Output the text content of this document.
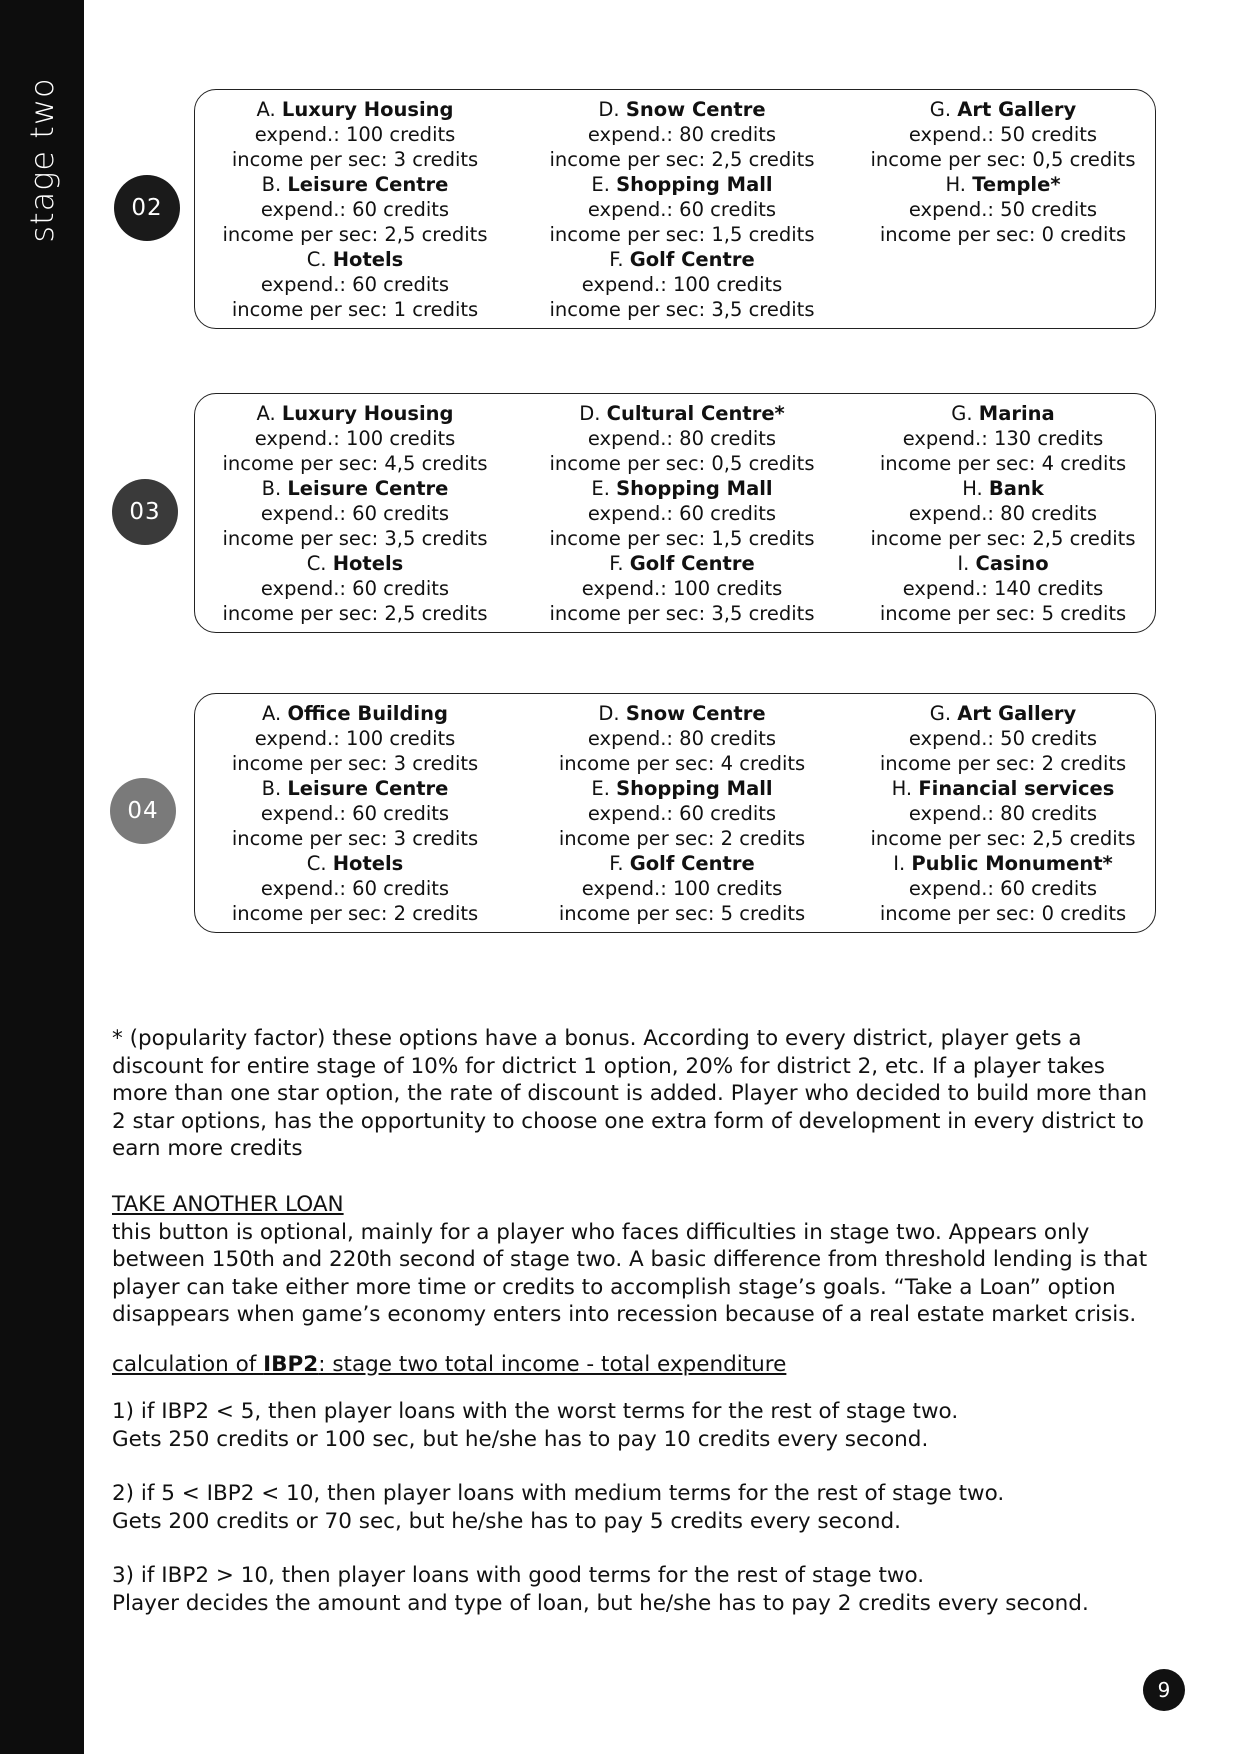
stage two	02
A. Luxury Housing
expend.: 100 credits
income per sec: 3 credits
B. Leisure Centre
expend.: 60 credits
income per sec: 2,5 credits
C. Hotels
expend.: 60 credits
income per sec: 1 credits
D. Snow Centre
expend.: 80 credits
income per sec: 2,5 credits
E. Shopping Mall
expend.: 60 credits
income per sec: 1,5 credits
F. Golf Centre
expend.: 100 credits
income per sec: 3,5 credits
G. Art Gallery
expend.: 50 credits
income per sec: 0,5 credits
H. Temple*
expend.: 50 credits
income per sec: 0 credits
03
A. Luxury Housing
expend.: 100 credits
income per sec: 4,5 credits
B. Leisure Centre
expend.: 60 credits
income per sec: 3,5 credits
C. Hotels
expend.: 60 credits
income per sec: 2,5 credits
D. Cultural Centre*
expend.: 80 credits
income per sec: 0,5 credits
E. Shopping Mall
expend.: 60 credits
income per sec: 1,5 credits
F. Golf Centre
expend.: 100 credits
income per sec: 3,5 credits
G. Marina
expend.: 130 credits
income per sec: 4 credits
H. Bank
expend.: 80 credits
income per sec: 2,5 credits
I. Casino
expend.: 140 credits
income per sec: 5 credits
04
A. Office Building
expend.: 100 credits
income per sec: 3 credits
B. Leisure Centre
expend.: 60 credits
income per sec: 3 credits
C. Hotels
expend.: 60 credits
income per sec: 2 credits
D. Snow Centre
expend.: 80 credits
income per sec: 4 credits
E. Shopping Mall
expend.: 60 credits
income per sec: 2 credits
F. Golf Centre
expend.: 100 credits
income per sec: 5 credits
G. Art Gallery
expend.: 50 credits
income per sec: 2 credits
H. Financial services
expend.: 80 credits
income per sec: 2,5 credits
I. Public Monument*
expend.: 60 credits
income per sec: 0 credits
* (popularity factor) these options have a bonus. According to every district, player gets a discount for entire stage of 10% for dictrict 1 option, 20% for district 2, etc. If a player takes more than one star option, the rate of discount is added. Player who decided to build more than 2 star options, has the opportunity to choose one extra form of development in every district to earn more credits
TAKE ANOTHER LOAN
this button is optional, mainly for a player who faces difficulties in stage two. Appears only between 150th and 220th second of stage two. A basic difference from threshold lending is that player can take either more time or credits to accomplish stage’s goals. “Take a Loan” option disappears when game’s economy enters into recession because of a real estate market crisis.
calculation of IBP2: stage two total income - total expenditure
1) if IBP2 < 5, then player loans with the worst terms for the rest of stage two.
Gets 250 credits or 100 sec, but he/she has to pay 10 credits every second.
2) if 5 < IBP2 < 10, then player loans with medium terms for the rest of stage two.
Gets 200 credits or 70 sec, but he/she has to pay 5 credits every second.
3) if IBP2 > 10, then player loans with good terms for the rest of stage two.
Player decides the amount and type of loan, but he/she has to pay 2 credits every second.
9
